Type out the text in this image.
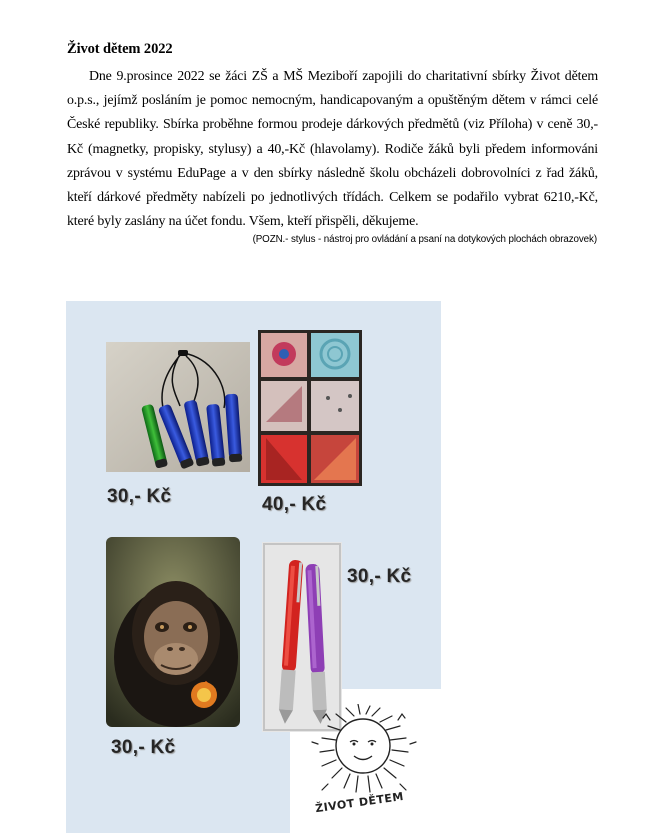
Život dětem 2022
Dne 9.prosince 2022 se žáci ZŠ a MŠ Meziboří zapojili do charitativní sbírky Život dětem o.p.s., jejímž posláním je pomoc nemocným, handicapovaným a opuštěným dětem v rámci celé České republiky. Sbírka proběhne formou prodeje dárkových předmětů (viz Příloha) v ceně 30,-Kč (magnetky, propisky, stylusy) a 40,-Kč (hlavolamy). Rodiče žáků byli předem informováni zprávou v systému EduPage a v den sbírky následně školu obcházeli dobrovolníci z řad žáků, kteří dárkové předměty nabízeli po jednotlivých třídách. Celkem se podařilo vybrat 6210,-Kč, které byly zaslány na účet fondu. Všem, kteří přispěli, děkujeme.
(POZN.- stylus - nástroj pro ovládání a psaní na dotykových plochách obrazovek)
30,- Kč	40,- Kč
30,- Kč
30,- Kč
ŽIVOT DĚTEM
